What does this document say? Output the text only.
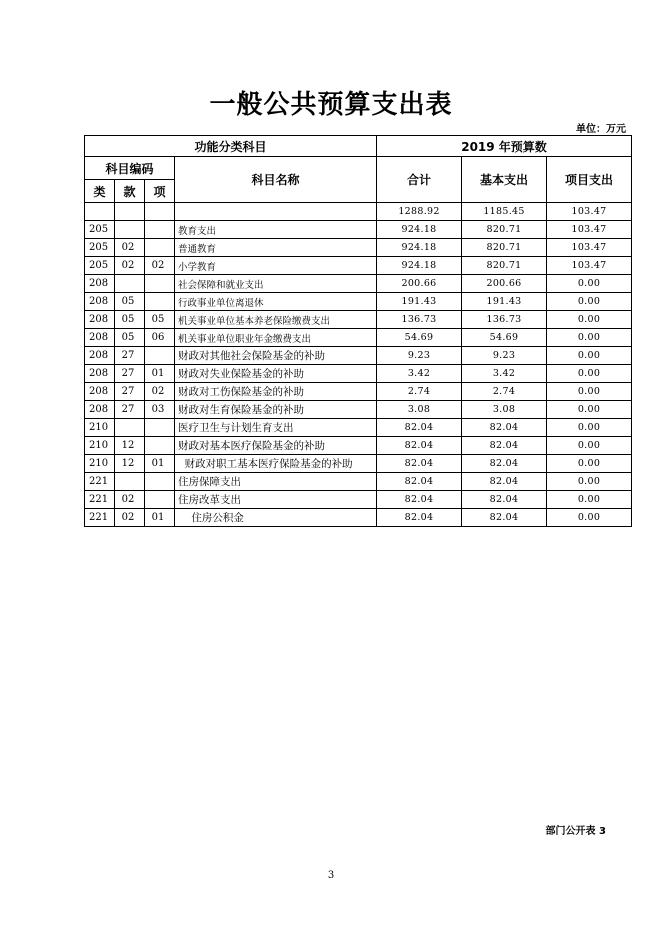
一般公共预算支出表
单位：万元
功能分类科目				2019 年预算数		
科目编码			科目名称	合计	基本支出	项目支出
类	款	项				
				1288.92	1185.45	103.47
205			教育支出	924.18	820.71	103.47
205	02		普通教育	924.18	820.71	103.47
205	02	02	小学教育	924.18	820.71	103.47
208			社会保障和就业支出	200.66	200.66	0.00
208	05		行政事业单位离退休	191.43	191.43	0.00
208	05	05	机关事业单位基本养老保险缴费支出	136.73	136.73	0.00
208	05	06	机关事业单位职业年金缴费支出	54.69	54.69	0.00
208	27		财政对其他社会保险基金的补助	9.23	9.23	0.00
208	27	01	财政对失业保险基金的补助	3.42	3.42	0.00
208	27	02	财政对工伤保险基金的补助	2.74	2.74	0.00
208	27	03	财政对生育保险基金的补助	3.08	3.08	0.00
210			医疗卫生与计划生育支出	82.04	82.04	0.00
210	12		财政对基本医疗保险基金的补助	82.04	82.04	0.00
210	12	01	财政对职工基本医疗保险基金的补助	82.04	82.04	0.00
221			住房保障支出	82.04	82.04	0.00
221	02		住房改革支出	82.04	82.04	0.00
221	02	01	住房公积金	82.04	82.04	0.00
部门公开表 3
3
